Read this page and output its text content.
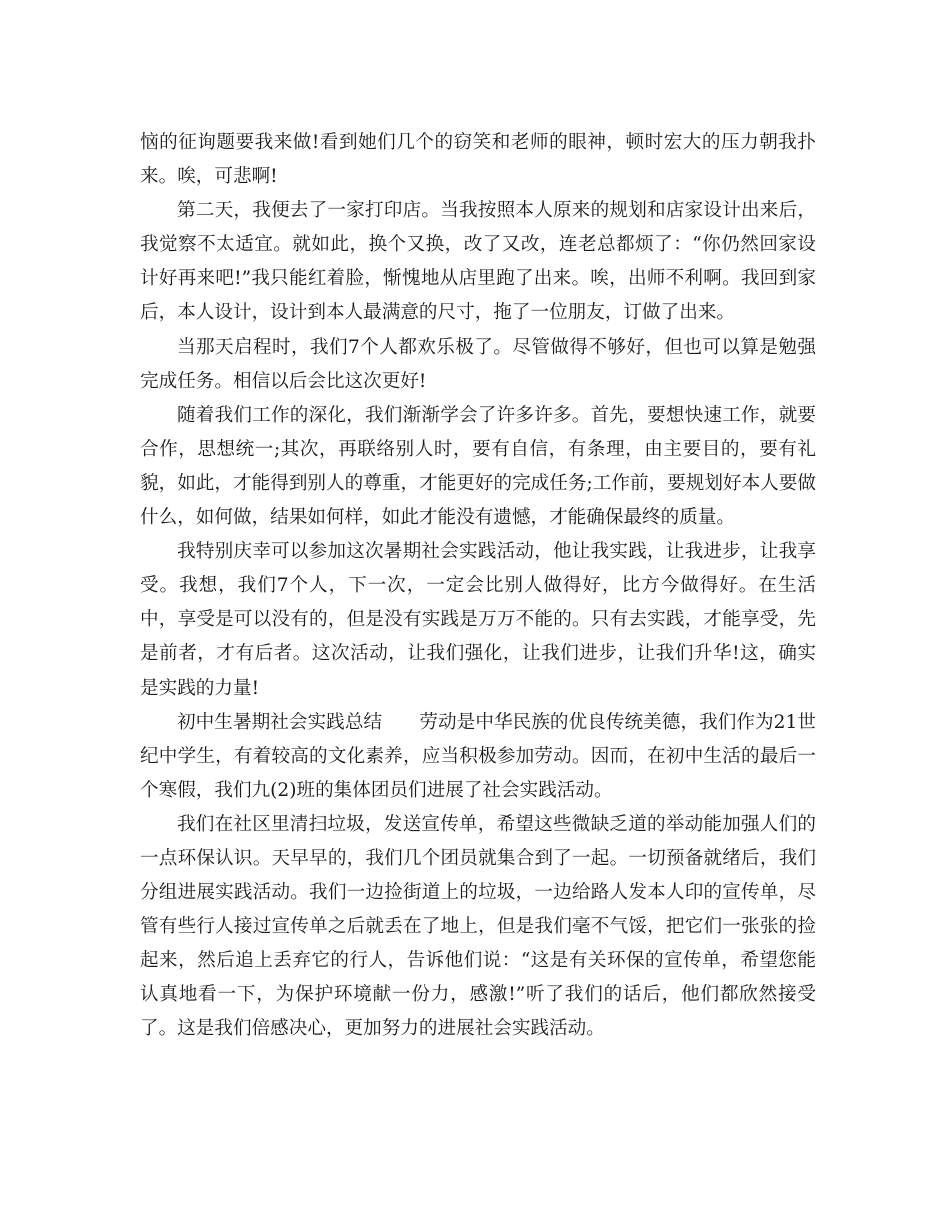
恼的征询题要我来做!看到她们几个的窃笑和老师的眼神，顿时宏大的压力朝我扑来。唉，可悲啊!

第二天，我便去了一家打印店。当我按照本人原来的规划和店家设计出来后，我觉察不太适宜。就如此，换个又换，改了又改，连老总都烦了：“你仍然回家设计好再来吧!”我只能红着脸，惭愧地从店里跑了出来。唉，出师不利啊。我回到家后，本人设计，设计到本人最满意的尺寸，拖了一位朋友，订做了出来。

当那天启程时，我们7个人都欢乐极了。尽管做得不够好，但也可以算是勉强完成任务。相信以后会比这次更好!

随着我们工作的深化，我们渐渐学会了许多许多。首先，要想快速工作，就要合作，思想统一;其次，再联络别人时，要有自信，有条理，由主要目的，要有礼貌，如此，才能得到别人的尊重，才能更好的完成任务;工作前，要规划好本人要做什么，如何做，结果如何样，如此才能没有遗憾，才能确保最终的质量。

我特别庆幸可以参加这次暑期社会实践活动，他让我实践，让我进步，让我享受。我想，我们7个人，下一次，一定会比别人做得好，比方今做得好。在生活中，享受是可以没有的，但是没有实践是万万不能的。只有去实践，才能享受，先是前者，才有后者。这次活动，让我们强化，让我们进步，让我们升华!这，确实是实践的力量!

初中生暑期社会实践总结　　劳动是中华民族的优良传统美德，我们作为21世纪中学生，有着较高的文化素养，应当积极参加劳动。因而，在初中生活的最后一个寒假，我们九(2)班的集体团员们进展了社会实践活动。

我们在社区里清扫垃圾，发送宣传单，希望这些微缺乏道的举动能加强人们的一点环保认识。天早早的，我们几个团员就集合到了一起。一切预备就绪后，我们分组进展实践活动。我们一边捡街道上的垃圾，一边给路人发本人印的宣传单，尽管有些行人接过宣传单之后就丢在了地上，但是我们毫不气馁，把它们一张张的捡起来，然后追上丢弃它的行人，告诉他们说：“这是有关环保的宣传单，希望您能认真地看一下，为保护环境献一份力，感激!”听了我们的话后，他们都欣然接受了。这是我们倍感决心，更加努力的进展社会实践活动。
